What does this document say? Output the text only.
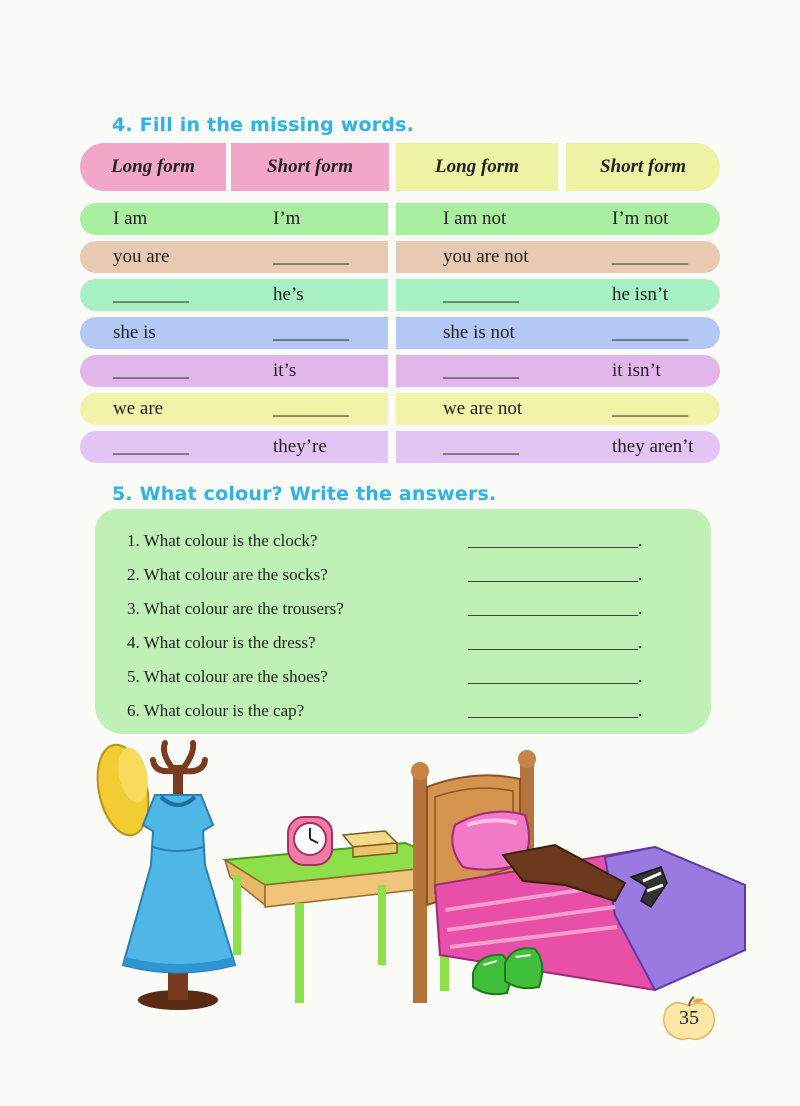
4. Fill in the missing words.
Long form	Short form	Long form	Short form
I am	I’m	I am not	I’m not
you are	________	you are not	________
________	he’s	________	he isn’t
she is	________	she is not	________
________	it’s	________	it isn’t
we are	________	we are not	________
________	they’re	________	they aren’t
5. What colour? Write the answers.
1. What colour is the clock?	____________________.
2. What colour are the socks?	____________________.
3. What colour are the trousers?	____________________.
4. What colour is the dress?	____________________.
5. What colour are the shoes?	____________________.
6. What colour is the cap?	____________________.
35
